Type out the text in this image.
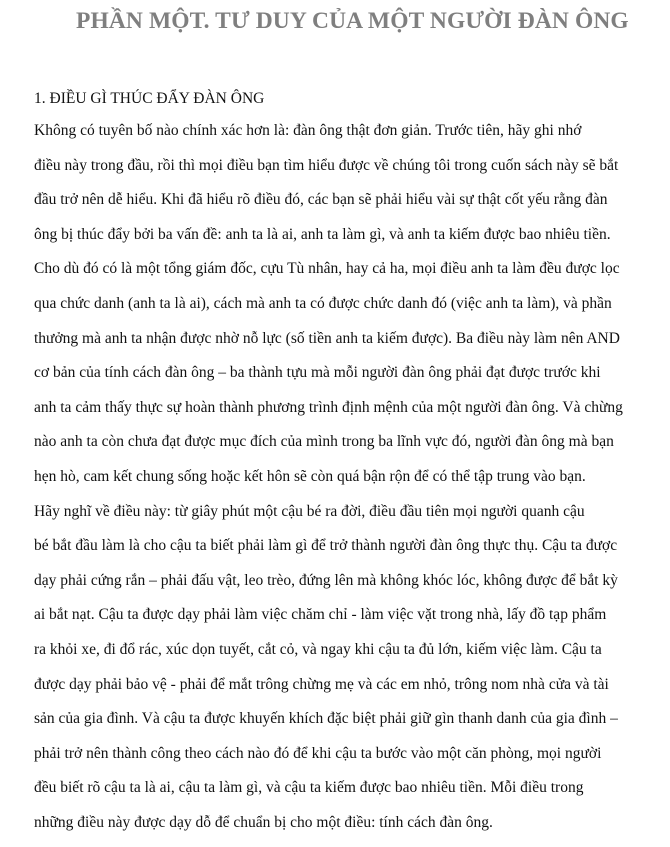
PHẦN MỘT. TƯ DUY CỦA MỘT NGƯỜI ĐÀN ÔNG
1. ĐIỀU GÌ THÚC ĐẨY ĐÀN ÔNG
Không có tuyên bố nào chính xác hơn là: đàn ông thật đơn giản. Trước tiên, hãy ghi nhớ
điều này trong đầu, rồi thì mọi điều bạn tìm hiểu được về chúng tôi trong cuốn sách này sẽ bắt
đầu trở nên dễ hiểu. Khi đã hiểu rõ điều đó, các bạn sẽ phải hiểu vài sự thật cốt yếu rằng đàn
ông bị thúc đẩy bởi ba vấn đề: anh ta là ai, anh ta làm gì, và anh ta kiếm được bao nhiêu tiền.
Cho dù đó có là một tổng giám đốc, cựu Tù nhân, hay cả ha, mọi điều anh ta làm đều được lọc
qua chức danh (anh ta là ai), cách mà anh ta có được chức danh đó (việc anh ta làm), và phần
thưởng mà anh ta nhận được nhờ nỗ lực (số tiền anh ta kiếm được). Ba điều này làm nên AND
cơ bản của tính cách đàn ông – ba thành tựu mà mỗi người đàn ông phải đạt được trước khi
anh ta cảm thấy thực sự hoàn thành phương trình định mệnh của một người đàn ông. Và chừng
nào anh ta còn chưa đạt được mục đích của mình trong ba lĩnh vực đó, người đàn ông mà bạn
hẹn hò, cam kết chung sống hoặc kết hôn sẽ còn quá bận rộn để có thể tập trung vào bạn.
Hãy nghĩ về điều này: từ giây phút một cậu bé ra đời, điều đầu tiên mọi người quanh cậu
bé bắt đầu làm là cho cậu ta biết phải làm gì để trở thành người đàn ông thực thụ. Cậu ta được
dạy phải cứng rắn – phải đấu vật, leo trèo, đứng lên mà không khóc lóc, không được để bắt kỳ
ai bắt nạt. Cậu ta được dạy phải làm việc chăm chỉ - làm việc vặt trong nhà, lấy đồ tạp phẩm
ra khỏi xe, đi đổ rác, xúc dọn tuyết, cắt cỏ, và ngay khi cậu ta đủ lớn, kiếm việc làm. Cậu ta
được dạy phải bảo vệ - phải để mắt trông chừng mẹ và các em nhỏ, trông nom nhà cửa và tài
sản của gia đình. Và cậu ta được khuyến khích đặc biệt phải giữ gìn thanh danh của gia đình –
phải trở nên thành công theo cách nào đó để khi cậu ta bước vào một căn phòng, mọi người
đều biết rõ cậu ta là ai, cậu ta làm gì, và cậu ta kiếm được bao nhiêu tiền. Mỗi điều trong
những điều này được dạy dỗ để chuẩn bị cho một điều: tính cách đàn ông.
